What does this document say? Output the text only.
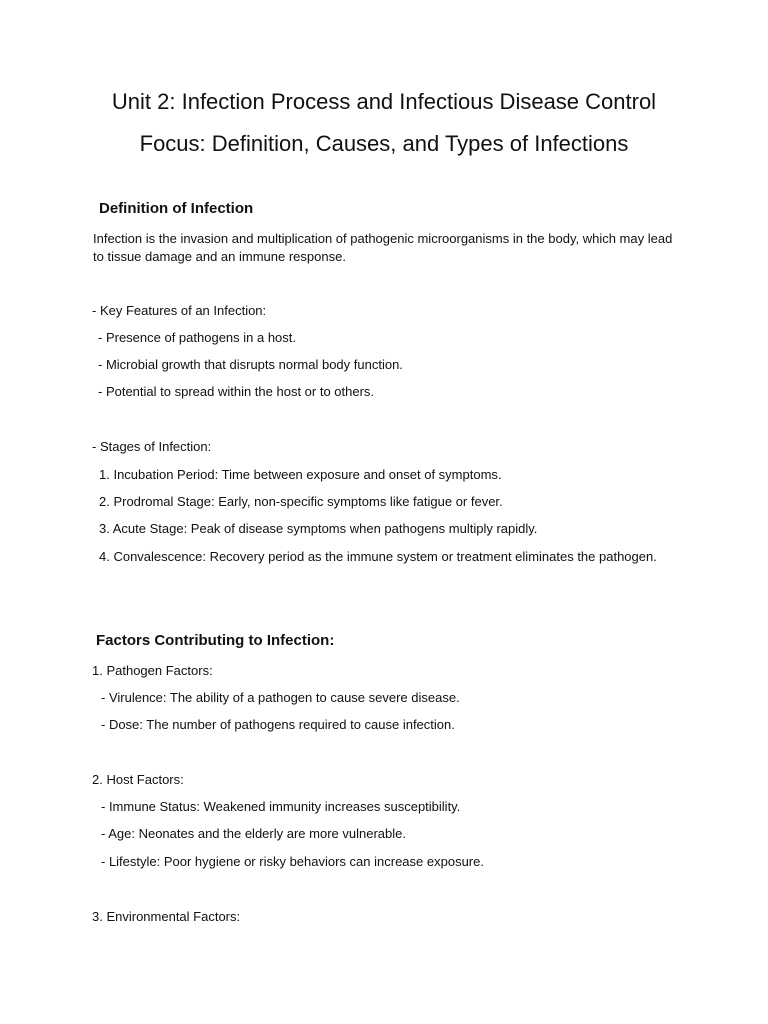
Unit 2: Infection Process and Infectious Disease Control
Focus: Definition, Causes, and Types of Infections
Definition of Infection

Infection is the invasion and multiplication of pathogenic microorganisms in the body, which may lead to tissue damage and an immune response.

- Key Features of an Infection:

- Presence of pathogens in a host.

- Microbial growth that disrupts normal body function.

- Potential to spread within the host or to others.

- Stages of Infection:

1. Incubation Period: Time between exposure and onset of symptoms.

2. Prodromal Stage: Early, non-specific symptoms like fatigue or fever.

3. Acute Stage: Peak of disease symptoms when pathogens multiply rapidly.

4. Convalescence: Recovery period as the immune system or treatment eliminates the pathogen.

Factors Contributing to Infection:

1. Pathogen Factors:

- Virulence: The ability of a pathogen to cause severe disease.

- Dose: The number of pathogens required to cause infection.

2. Host Factors:

- Immune Status: Weakened immunity increases susceptibility.

- Age: Neonates and the elderly are more vulnerable.

- Lifestyle: Poor hygiene or risky behaviors can increase exposure.

3. Environmental Factors:
